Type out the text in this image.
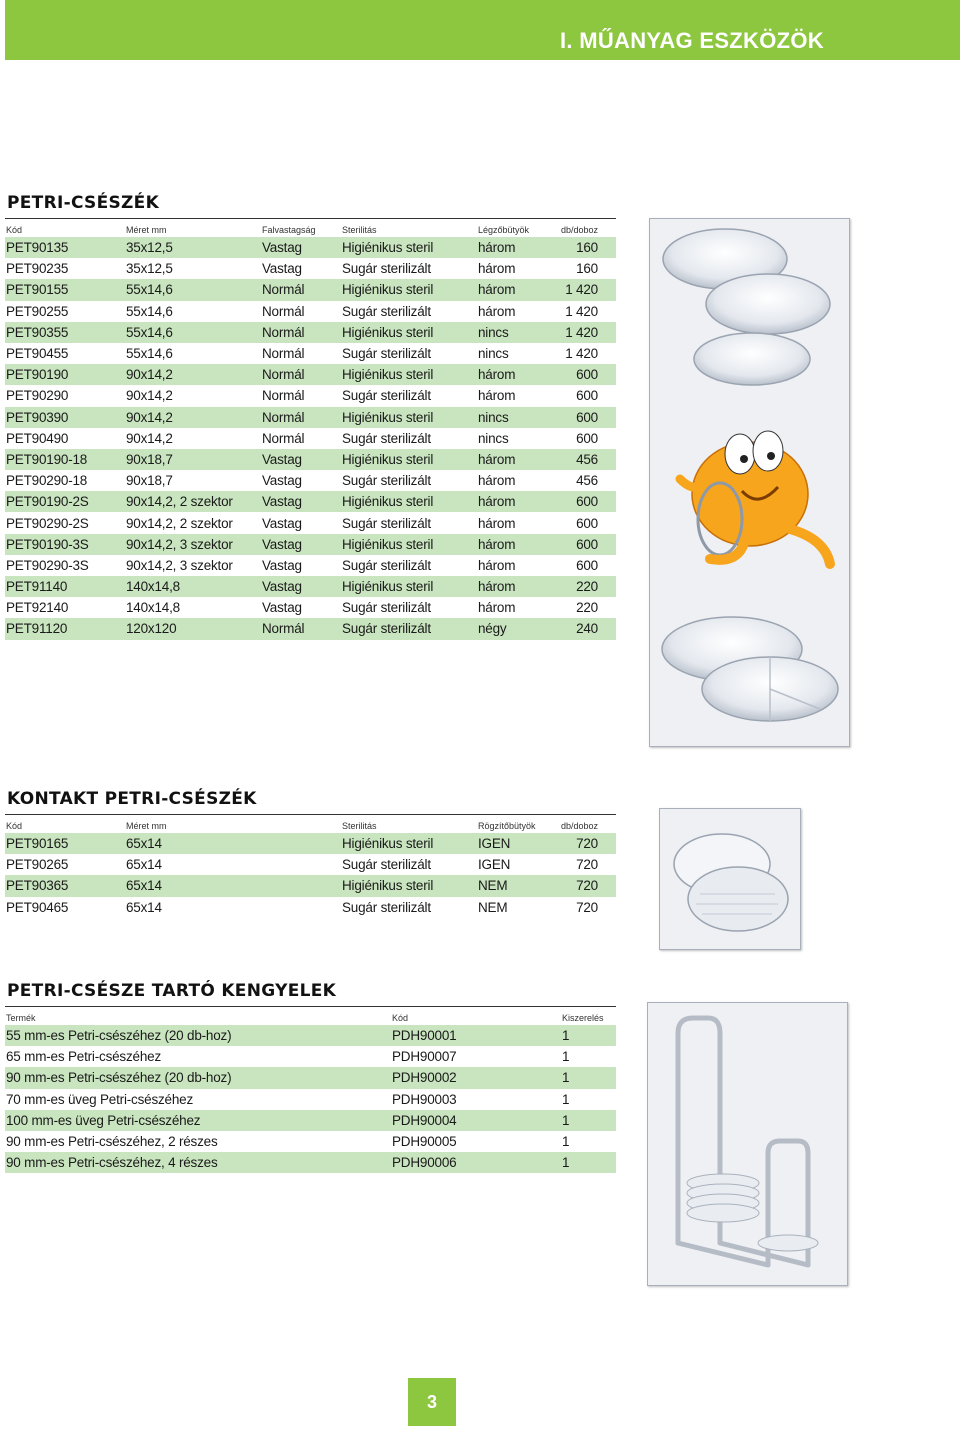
I. MŰANYAG ESZKÖZÖK
PETRI-CSÉSZÉK
Kód	Méret mm	Falvastagság	Sterilitás	Légzőbütyök	db/doboz
PET90135	35x12,5	Vastag	Higiénikus steril	három	160
PET90235	35x12,5	Vastag	Sugár sterilizált	három	160
PET90155	55x14,6	Normál	Higiénikus steril	három	1 420
PET90255	55x14,6	Normál	Sugár sterilizált	három	1 420
PET90355	55x14,6	Normál	Higiénikus steril	nincs	1 420
PET90455	55x14,6	Normál	Sugár sterilizált	nincs	1 420
PET90190	90x14,2	Normál	Higiénikus steril	három	600
PET90290	90x14,2	Normál	Sugár sterilizált	három	600
PET90390	90x14,2	Normál	Higiénikus steril	nincs	600
PET90490	90x14,2	Normál	Sugár sterilizált	nincs	600
PET90190-18	90x18,7	Vastag	Higiénikus steril	három	456
PET90290-18	90x18,7	Vastag	Sugár sterilizált	három	456
PET90190-2S	90x14,2, 2 szektor	Vastag	Higiénikus steril	három	600
PET90290-2S	90x14,2, 2 szektor	Vastag	Sugár sterilizált	három	600
PET90190-3S	90x14,2, 3 szektor	Vastag	Higiénikus steril	három	600
PET90290-3S	90x14,2, 3 szektor	Vastag	Sugár sterilizált	három	600
PET91140	140x14,8	Vastag	Higiénikus steril	három	220
PET92140	140x14,8	Vastag	Sugár sterilizált	három	220
PET91120	120x120	Normál	Sugár sterilizált	négy	240
KONTAKT PETRI-CSÉSZÉK
Kód	Méret mm		Sterilitás	Rögzítőbütyök	db/doboz
PET90165	65x14		Higiénikus steril	IGEN	720
PET90265	65x14		Sugár sterilizált	IGEN	720
PET90365	65x14		Higiénikus steril	NEM	720
PET90465	65x14		Sugár sterilizált	NEM	720
PETRI-CSÉSZE TARTÓ KENGYELEK
Termék	Kód	Kiszerelés
55 mm-es Petri-csészéhez (20 db-hoz)	PDH90001	1
65 mm-es Petri-csészéhez	PDH90007	1
90 mm-es Petri-csészéhez (20 db-hoz)	PDH90002	1
70 mm-es üveg Petri-csészéhez	PDH90003	1
100 mm-es üveg Petri-csészéhez	PDH90004	1
90 mm-es Petri-csészéhez, 2 részes	PDH90005	1
90 mm-es Petri-csészéhez, 4 részes	PDH90006	1
3
